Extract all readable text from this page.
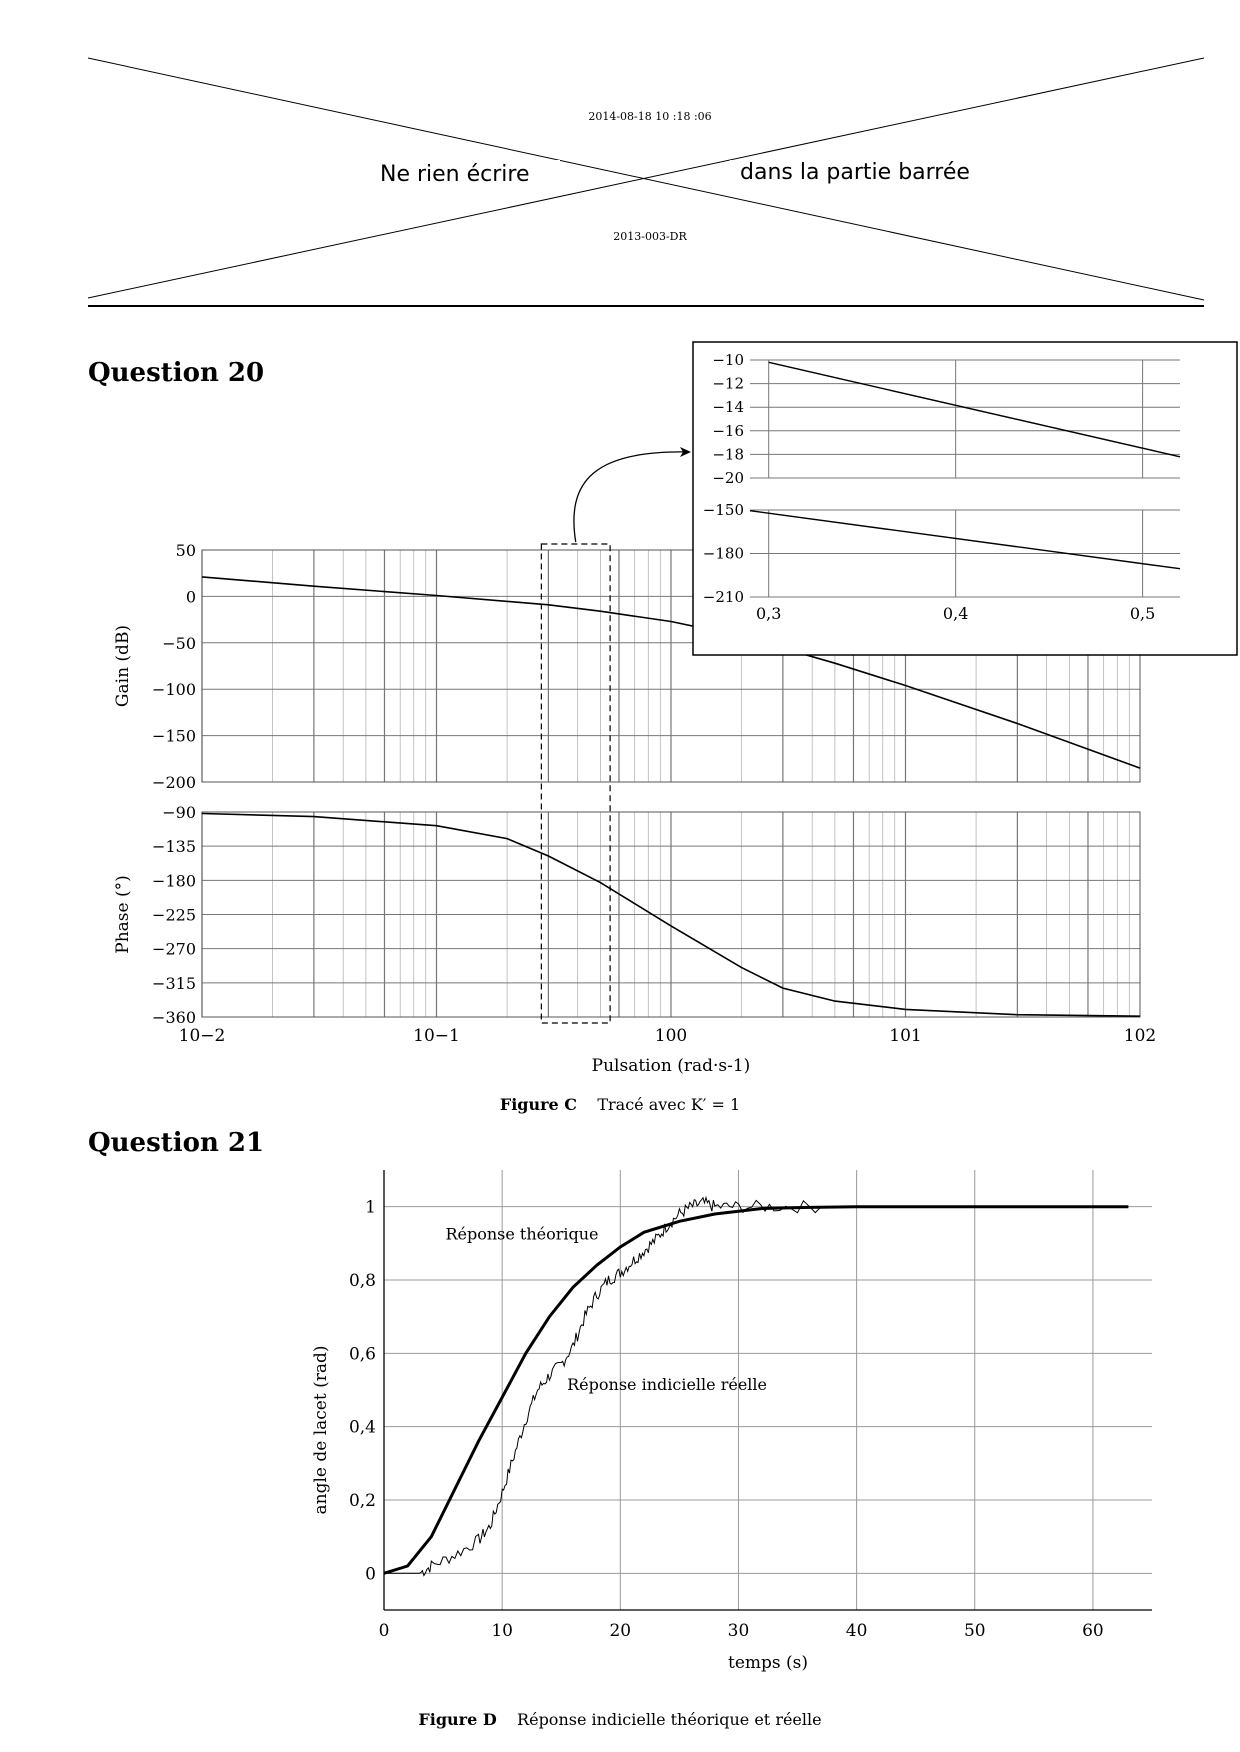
2014-08-18 10 :18 :06
Ne rien écrire	dans la partie barrée
2013-003-DR
Question 20
50
0
−50
−100
−150
−200
−90
−135
−180
−225
−270
−315
−360
10−2	10−1	100	101	102
Pulsation (rad·s-1)
Gain (dB)
Phase (°)
0,3	0,4	0,5
−10
−12
−14
−16
−18
−20
−150
−180
−210
Figure C Tracé avec K′ = 1
Question 21
0	10	20	30	40	50	60
0
0,2
0,4
0,6
0,8
1
temps (s)
angle de lacet (rad)
Réponse théorique
Réponse indicielle réelle
Figure D Réponse indicielle théorique et réelle
